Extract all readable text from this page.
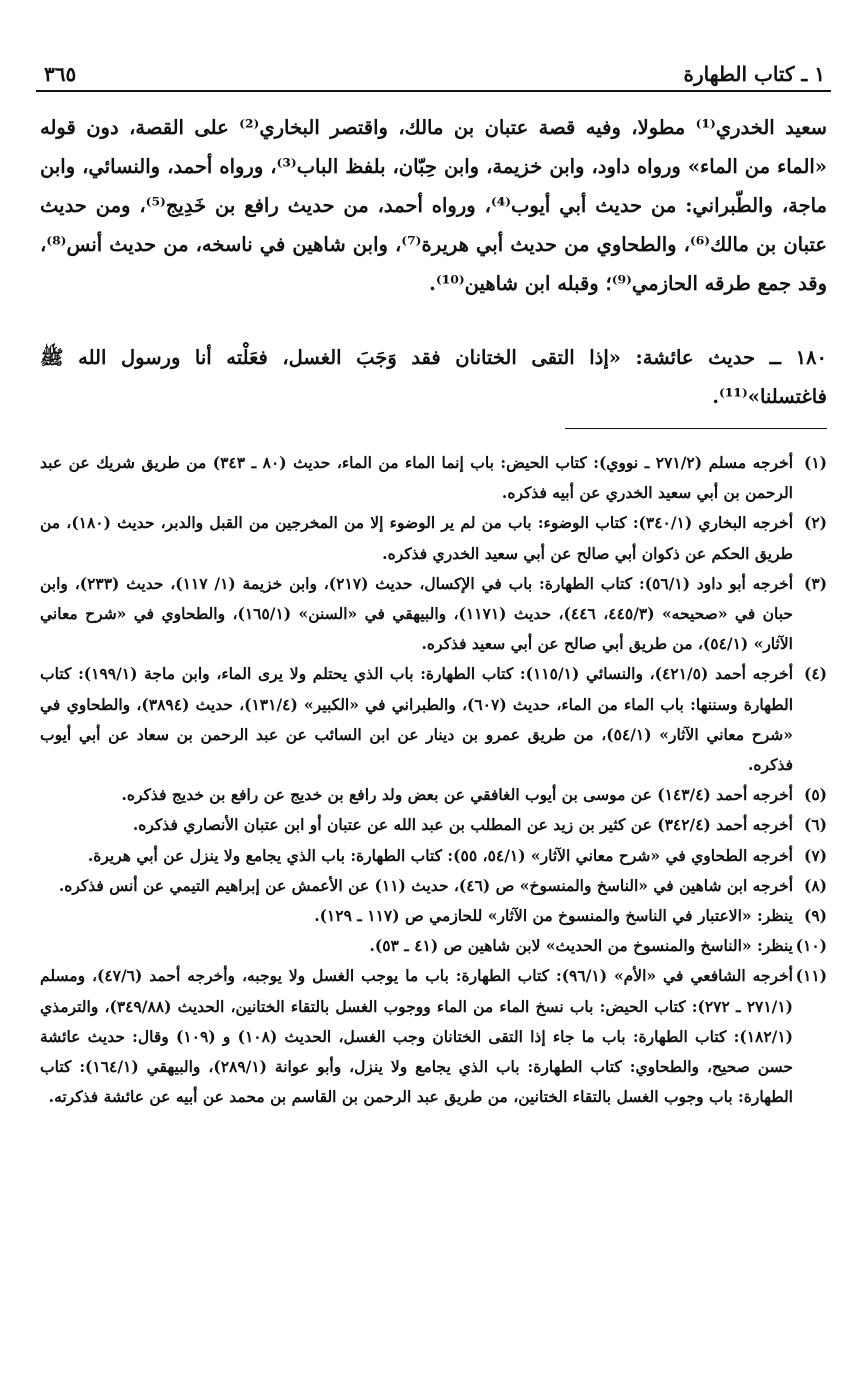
١ ـ كتاب الطهارة
٣٦٥

سعيد الخدري⁽¹⁾ مطولا، وفيه قصة عتبان بن مالك، واقتصر البخاري⁽²⁾ على القصة، دون قوله «الماء من الماء» ورواه داود، وابن خزيمة، وابن حِبّان، بلفظ الباب⁽³⁾، ورواه أحمد، والنسائي، وابن ماجة، والطّبراني: من حديث أبي أيوب⁽⁴⁾، ورواه أحمد، من حديث رافع بن خَدِيج⁽⁵⁾، ومن حديث عتبان بن مالك⁽⁶⁾، والطحاوي من حديث أبي هريرة⁽⁷⁾، وابن شاهين في ناسخه، من حديث أنس⁽⁸⁾، وقد جمع طرقه الحازمي⁽⁹⁾؛ وقبله ابن شاهين⁽¹⁰⁾.

١٨٠ ــ حديث عائشة: «إذا التقى الختانان فقد وَجَبَ الغسل، فعَلْته أنا ورسول الله ﷺ فاغتسلنا»⁽¹¹⁾.

(١)أخرجه مسلم (٢٧١/٢ ـ نووي): كتاب الحيض: باب إنما الماء من الماء، حديث (٨٠ ـ ٣٤٣) من طريق شريك عن عبد الرحمن بن أبي سعيد الخدري عن أبيه فذكره.

(٢)أخرجه البخاري (٣٤٠/١): كتاب الوضوء: باب من لم ير الوضوء إلا من المخرجين من القبل والدبر، حديث (١٨٠)، من طريق الحكم عن ذكوان أبي صالح عن أبي سعيد الخدري فذكره.

(٣)أخرجه أبو داود (٥٦/١): كتاب الطهارة: باب في الإكسال، حديث (٢١٧)، وابن خزيمة (١/ ١١٧)، حديث (٢٣٣)، وابن حبان في «صحيحه» (٤٤٥/٣، ٤٤٦)، حديث (١١٧١)، والبيهقي في «السنن» (١٦٥/١)، والطحاوي في «شرح معاني الآثار» (٥٤/١)، من طريق أبي صالح عن أبي سعيد فذكره.

(٤)أخرجه أحمد (٤٢١/٥)، والنسائي (١١٥/١): كتاب الطهارة: باب الذي يحتلم ولا يرى الماء، وابن ماجة (١٩٩/١): كتاب الطهارة وسننها: باب الماء من الماء، حديث (٦٠٧)، والطبراني في «الكبير» (١٣١/٤)، حديث (٣٨٩٤)، والطحاوي في «شرح معاني الآثار» (٥٤/١)، من طريق عمرو بن دينار عن ابن السائب عن عبد الرحمن بن سعاد عن أبي أيوب فذكره.

(٥)أخرجه أحمد (١٤٣/٤) عن موسى بن أيوب الغافقي عن بعض ولد رافع بن خديج عن رافع بن خديج فذكره.

(٦)أخرجه أحمد (٣٤٢/٤) عن كثير بن زيد عن المطلب بن عبد الله عن عتبان أو ابن عتبان الأنصاري فذكره.

(٧)أخرجه الطحاوي في «شرح معاني الآثار» (٥٤/١، ٥٥): كتاب الطهارة: باب الذي يجامع ولا ينزل عن أبي هريرة.

(٨)أخرجه ابن شاهين في «الناسخ والمنسوخ» ص (٤٦)، حديث (١١) عن الأعمش عن إبراهيم التيمي عن أنس فذكره.

(٩)ينظر: «الاعتبار في الناسخ والمنسوخ من الآثار» للحازمي ص (١١٧ ـ ١٢٩).

(١٠)ينظر: «الناسخ والمنسوخ من الحديث» لابن شاهين ص (٤١ ـ ٥٣).

(١١)أخرجه الشافعي في «الأم» (٩٦/١): كتاب الطهارة: باب ما يوجب الغسل ولا يوجبه، وأخرجه أحمد (٤٧/٦)، ومسلم (٢٧١/١ ـ ٢٧٢): كتاب الحيض: باب نسخ الماء من الماء ووجوب الغسل بالتقاء الختانين، الحديث (٣٤٩/٨٨)، والترمذي (١٨٢/١): كتاب الطهارة: باب ما جاء إذا التقى الختانان وجب الغسل، الحديث (١٠٨) و (١٠٩) وقال: حديث عائشة حسن صحيح، والطحاوي: كتاب الطهارة: باب الذي يجامع ولا ينزل، وأبو عوانة (٢٨٩/١)، والبيهقي (١٦٤/١): كتاب الطهارة: باب وجوب الغسل بالتقاء الختانين، من طريق عبد الرحمن بن القاسم بن محمد عن أبيه عن عائشة فذكرته.
